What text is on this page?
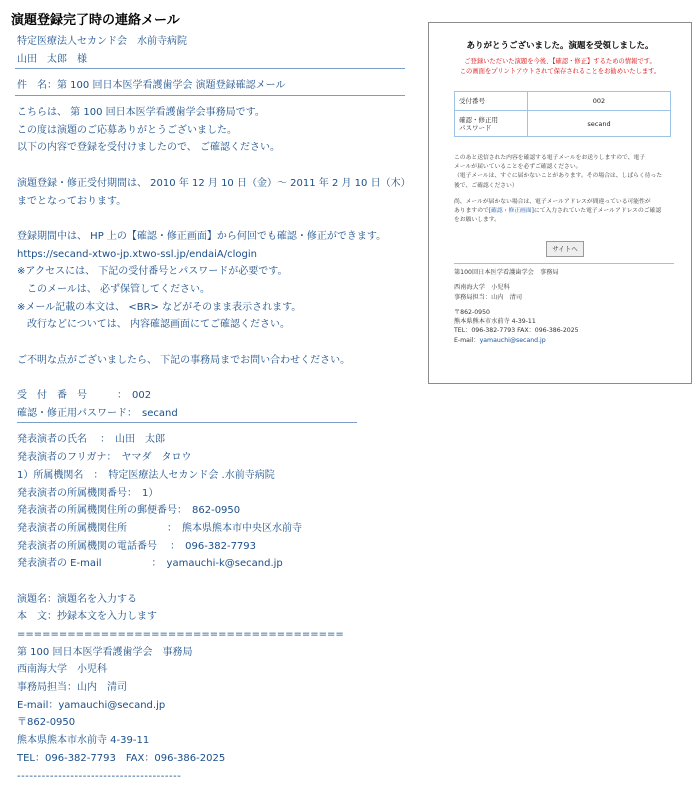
演題登録完了時の連絡メール
特定医療法人セカンド会　水前寺病院
山田　太郎　様
件　名：第 100 回日本医学看護歯学会 演題登録確認メール
こちらは、 第 100 回日本医学看護歯学会事務局です。
この度は演題のご応募ありがとうございました。
以下の内容で登録を受付けましたので、 ご確認ください。
演題登録・修正受付期間は、 2010 年 12 月 10 日（金）～ 2011 年 2 月 10 日（木）
までとなっております。
登録期間中は、 HP 上の【確認・修正画面】から何回でも確認・修正ができます。
https://secand-xtwo-jp.xtwo-ssl.jp/endaiA/clogin
※アクセスには、 下記の受付番号とパスワードが必要です。
　このメールは、 必ず保管してください。
※メール記載の本文は、 <BR> などがそのまま表示されます。
　改行などについては、 内容確認画面にてご確認ください。
ご不明な点がございましたら、 下記の事務局までお問い合わせください。
受　付　番　号　　　：　002
確認・修正用パスワード：　secand
発表演者の氏名　 ：　山田　太郎
発表演者のフリガナ：　ヤマダ　タロウ
1）所属機関名　：　特定医療法人セカンド会 .水前寺病院
発表演者の所属機関番号：　1）
発表演者の所属機関住所の郵便番号：　862-0950
発表演者の所属機関住所　　　　：　熊本県熊本市中央区水前寺
発表演者の所属機関の電話番号　 ：　096-382-7793
発表演者の E-mail　　　　　：　yamauchi-k@secand.jp
演題名：演題名を入力する
本　文：抄録本文を入力します
=======================================
第 100 回日本医学看護歯学会　事務局
西南海大学　小児科
事務局担当：山内　清司
E-mail：yamauchi@secand.jp
〒862-0950
熊本県熊本市水前寺 4-39-11
TEL：096-382-7793　FAX：096-386-2025
----------------------------------------
ありがとうございました。演題を受領しました。
ご登録いただいた演題を今後、【確認・修正】するための情報です。
この画面をプリントアウトされて保存されることをお勧めいたします。
受付番号	002
確認・修正用
パスワード	secand

このあと送信された内容を確認する電子メールをお送りしますので、電子
メールが届いていることを必ずご確認ください。
（電子メールは、すぐに届かないことがあります。その場合は、しばらく待った
後で、ご確認ください）

尚、メールが届かない場合は、電子メールアドレスが間違っている可能性が
ありますので[確認・修正画面]にて入力されていた電子メールアドレスのご確認
をお願いします。

サイトへ
第100回日本医学看護歯学会　事務局
西南海大学　小児科
事務局担当：山内　清司
〒862-0950
熊本県熊本市水前寺 4-39-11
TEL：096-382-7793 FAX：096-386-2025
E-mail：yamauchi@secand.jp
